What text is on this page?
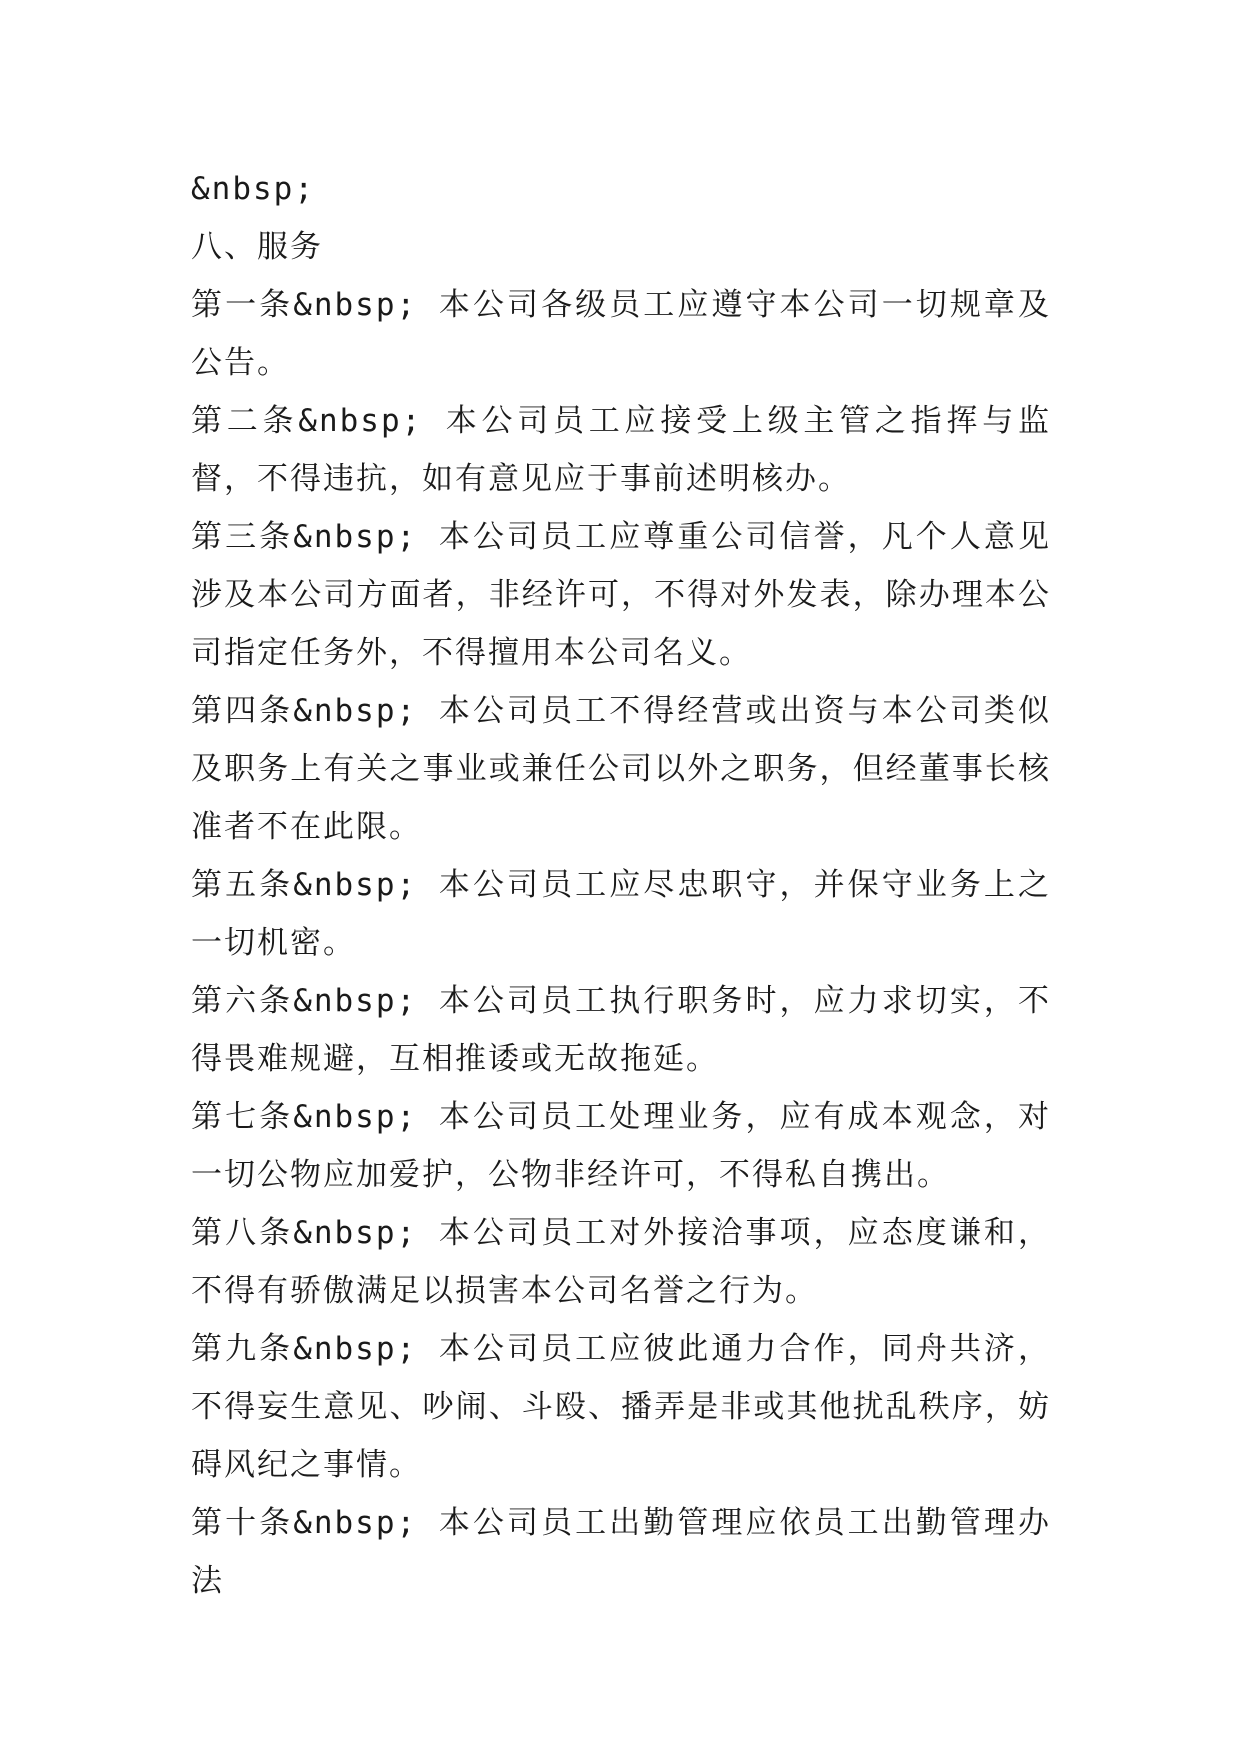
&nbsp;

八、服务

第一条&nbsp; 本公司各级员工应遵守本公司一切规章及公告。

第二条&nbsp; 本公司员工应接受上级主管之指挥与监督，不得违抗，如有意见应于事前述明核办。

第三条&nbsp; 本公司员工应尊重公司信誉，凡个人意见涉及本公司方面者，非经许可，不得对外发表，除办理本公司指定任务外，不得擅用本公司名义。

第四条&nbsp; 本公司员工不得经营或出资与本公司类似及职务上有关之事业或兼任公司以外之职务，但经董事长核准者不在此限。

第五条&nbsp; 本公司员工应尽忠职守，并保守业务上之一切机密。

第六条&nbsp; 本公司员工执行职务时，应力求切实，不得畏难规避，互相推诿或无故拖延。

第七条&nbsp; 本公司员工处理业务，应有成本观念，对一切公物应加爱护，公物非经许可，不得私自携出。

第八条&nbsp; 本公司员工对外接洽事项，应态度谦和，不得有骄傲满足以损害本公司名誉之行为。

第九条&nbsp; 本公司员工应彼此通力合作，同舟共济，不得妄生意见、吵闹、斗殴、播弄是非或其他扰乱秩序，妨碍风纪之事情。

第十条&nbsp; 本公司员工出勤管理应依员工出勤管理办法
